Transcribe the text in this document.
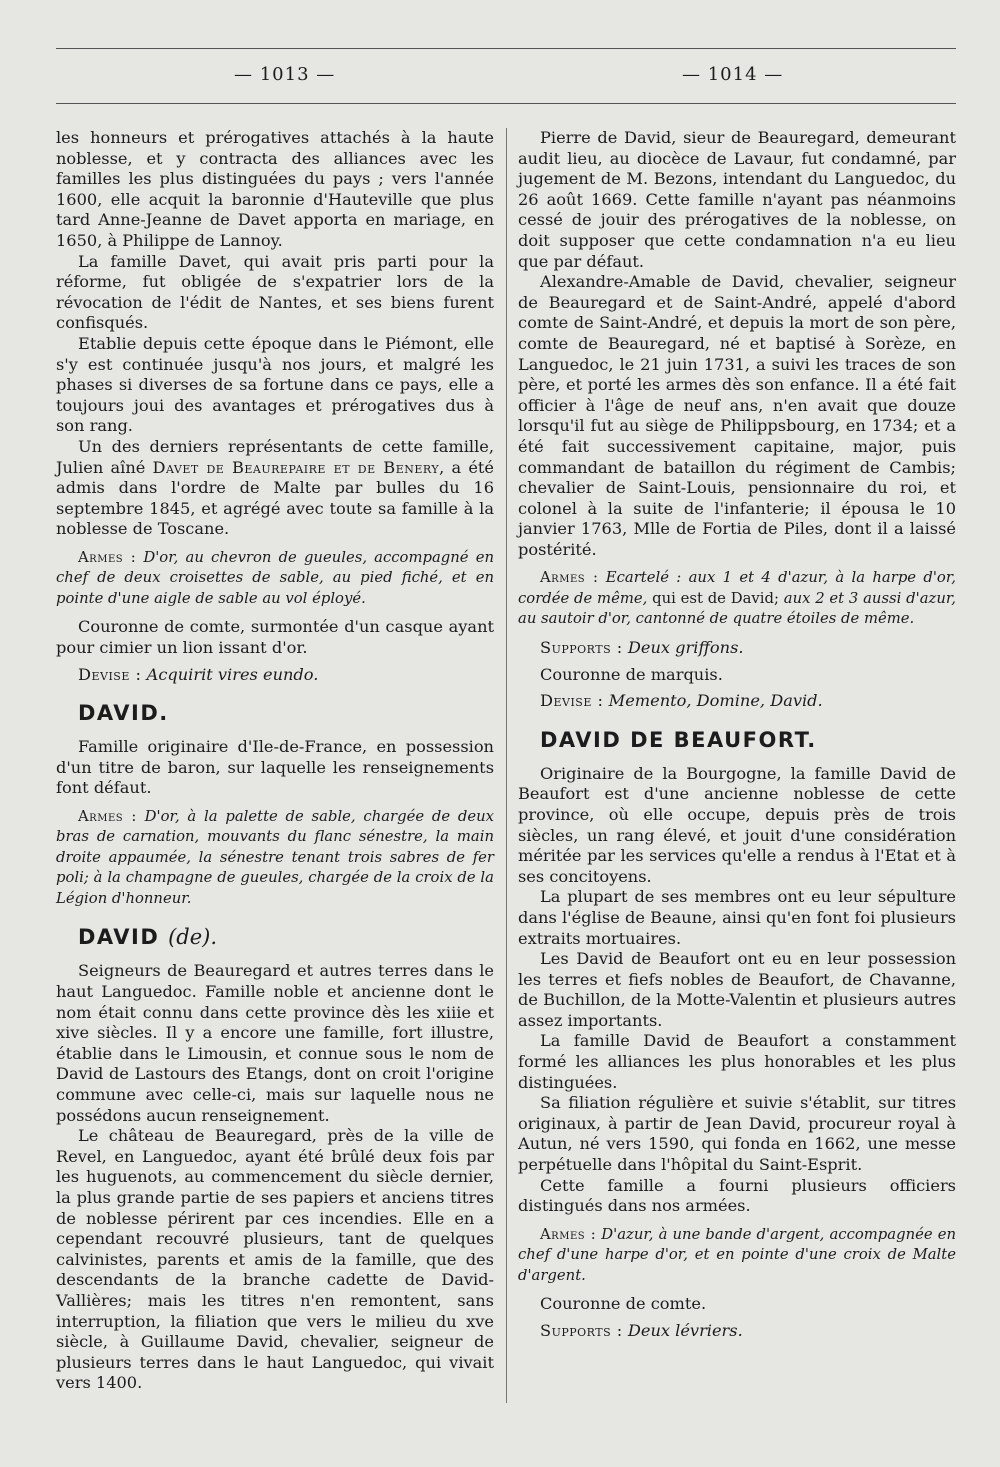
— 1013 —	— 1014 —

les honneurs et prérogatives attachés à la haute noblesse, et y contracta des alliances avec les familles les plus distinguées du pays ; vers l'année 1600, elle acquit la baronnie d'Hauteville que plus tard Anne-Jeanne de Davet apporta en mariage, en 1650, à Philippe de Lannoy.

La famille Davet, qui avait pris parti pour la réforme, fut obligée de s'expatrier lors de la révocation de l'édit de Nantes, et ses biens furent confisqués.

Etablie depuis cette époque dans le Piémont, elle s'y est continuée jusqu'à nos jours, et malgré les phases si diverses de sa fortune dans ce pays, elle a toujours joui des avantages et prérogatives dus à son rang.

Un des derniers représentants de cette famille, Julien aîné Davet de Beaurepaire et de Benery, a été admis dans l'ordre de Malte par bulles du 16 septembre 1845, et agrégé avec toute sa famille à la noblesse de Toscane.

Armes : D'or, au chevron de gueules, accompagné en chef de deux croisettes de sable, au pied fiché, et en pointe d'une aigle de sable au vol éployé.

Couronne de comte, surmontée d'un casque ayant pour cimier un lion issant d'or.

Devise : Acquirit vires eundo.

DAVID.

Famille originaire d'Ile-de-France, en possession d'un titre de baron, sur laquelle les renseignements font défaut.

Armes : D'or, à la palette de sable, chargée de deux bras de carnation, mouvants du flanc sénestre, la main droite appaumée, la sénestre tenant trois sabres de fer poli; à la champagne de gueules, chargée de la croix de la Légion d'honneur.

DAVID (de).

Seigneurs de Beauregard et autres terres dans le haut Languedoc. Famille noble et ancienne dont le nom était connu dans cette province dès les xiiie et xive siècles. Il y a encore une famille, fort illustre, établie dans le Limousin, et connue sous le nom de David de Lastours des Etangs, dont on croit l'origine commune avec celle-ci, mais sur laquelle nous ne possédons aucun renseignement.

Le château de Beauregard, près de la ville de Revel, en Languedoc, ayant été brûlé deux fois par les huguenots, au commencement du siècle dernier, la plus grande partie de ses papiers et anciens titres de noblesse périrent par ces incendies. Elle en a cependant recouvré plusieurs, tant de quelques calvinistes, parents et amis de la famille, que des descendants de la branche cadette de David-Vallières; mais les titres n'en remontent, sans interruption, la filiation que vers le milieu du xve siècle, à Guillaume David, chevalier, seigneur de plusieurs terres dans le haut Languedoc, qui vivait vers 1400.

Pierre de David, sieur de Beauregard, demeurant audit lieu, au diocèce de Lavaur, fut condamné, par jugement de M. Bezons, intendant du Languedoc, du 26 août 1669. Cette famille n'ayant pas néanmoins cessé de jouir des prérogatives de la noblesse, on doit supposer que cette condamnation n'a eu lieu que par défaut.

Alexandre-Amable de David, chevalier, seigneur de Beauregard et de Saint-André, appelé d'abord comte de Saint-André, et depuis la mort de son père, comte de Beauregard, né et baptisé à Sorèze, en Languedoc, le 21 juin 1731, a suivi les traces de son père, et porté les armes dès son enfance. Il a été fait officier à l'âge de neuf ans, n'en avait que douze lorsqu'il fut au siège de Philippsbourg, en 1734; et a été fait successivement capitaine, major, puis commandant de bataillon du régiment de Cambis; chevalier de Saint-Louis, pensionnaire du roi, et colonel à la suite de l'infanterie; il épousa le 10 janvier 1763, Mlle de Fortia de Piles, dont il a laissé postérité.

Armes : Ecartelé : aux 1 et 4 d'azur, à la harpe d'or, cordée de même, qui est de David; aux 2 et 3 aussi d'azur, au sautoir d'or, cantonné de quatre étoiles de même.

Supports : Deux griffons.

Couronne de marquis.

Devise : Memento, Domine, David.

DAVID DE BEAUFORT.

Originaire de la Bourgogne, la famille David de Beaufort est d'une ancienne noblesse de cette province, où elle occupe, depuis près de trois siècles, un rang élevé, et jouit d'une considération méritée par les services qu'elle a rendus à l'Etat et à ses concitoyens.

La plupart de ses membres ont eu leur sépulture dans l'église de Beaune, ainsi qu'en font foi plusieurs extraits mortuaires.

Les David de Beaufort ont eu en leur possession les terres et fiefs nobles de Beaufort, de Chavanne, de Buchillon, de la Motte-Valentin et plusieurs autres assez importants.

La famille David de Beaufort a constamment formé les alliances les plus honorables et les plus distinguées.

Sa filiation régulière et suivie s'établit, sur titres originaux, à partir de Jean David, procureur royal à Autun, né vers 1590, qui fonda en 1662, une messe perpétuelle dans l'hôpital du Saint-Esprit.

Cette famille a fourni plusieurs officiers distingués dans nos armées.

Armes : D'azur, à une bande d'argent, accompagnée en chef d'une harpe d'or, et en pointe d'une croix de Malte d'argent.

Couronne de comte.

Supports : Deux lévriers.
